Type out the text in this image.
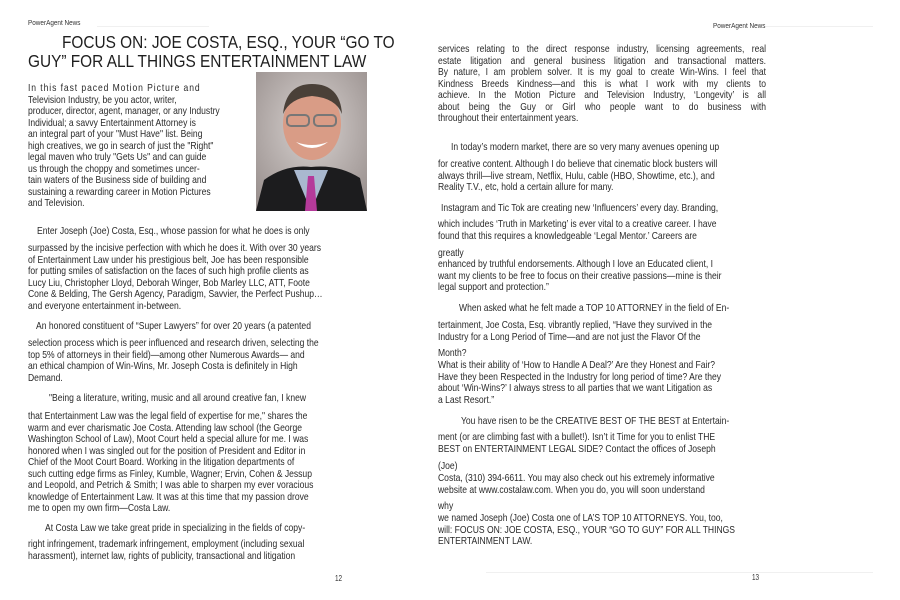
PowerAgent News
FOCUS ON: JOE COSTA, ESQ., YOUR “GO TO
GUY” FOR ALL THINGS ENTERTAINMENT LAW
In this fast paced Motion Picture and
Television Industry, be you actor, writer,
producer, director, agent, manager, or any Industry
Individual; a savvy Entertainment Attorney is
an integral part of your "Must Have" list. Being
high creatives, we go in search of just the "Right"
legal maven who truly "Gets Us" and can guide
us through the choppy and sometimes uncer-
tain waters of the Business side of building and
sustaining a rewarding career in Motion Pictures
and Television.
Enter Joseph (Joe) Costa, Esq., whose passion for what he does is only
surpassed by the incisive perfection with which he does it. With over 30 years
of Entertainment Law under his prestigious belt, Joe has been responsible
for putting smiles of satisfaction on the faces of such high profile clients as
Lucy Liu, Christopher Lloyd, Deborah Winger, Bob Marley LLC, ATT, Foote
Cone & Belding, The Gersh Agency, Paradigm, Savvier, the Perfect Pushup…
and everyone entertainment in-between.
An honored constituent of “Super Lawyers” for over 20 years (a patented
selection process which is peer influenced and research driven, selecting the
top 5% of attorneys in their field)—among other Numerous Awards— and
an ethical champion of Win-Wins, Mr. Joseph Costa is definitely in High
Demand.
"Being a literature, writing, music and all around creative fan, I knew
that Entertainment Law was the legal field of expertise for me," shares the
warm and ever charismatic Joe Costa. Attending law school (the George
Washington School of Law), Moot Court held a special allure for me. I was
honored when I was singled out for the position of President and Editor in
Chief of the Moot Court Board. Working in the litigation departments of
such cutting edge firms as Finley, Kumble, Wagner; Ervin, Cohen & Jessup
and Leopold, and Petrich & Smith; I was able to sharpen my ever voracious
knowledge of Entertainment Law. It was at this time that my passion drove
me to open my own firm—Costa Law.
At Costa Law we take great pride in specializing in the fields of copy-
right infringement, trademark infringement, employment (including sexual
harassment), internet law, rights of publicity, transactional and litigation
12
PowerAgent News
services relating to the direct response industry, licensing agreements, real
estate litigation and general business litigation and transactional matters.
By nature, I am problem solver. It is my goal to create Win-Wins. I feel that
Kindness Breeds Kindness—and this is what I work with my clients to
achieve. In the Motion Picture and Television Industry, ‘Longevity’ is all
about being the Guy or Girl who people want to do business with
throughout their entertainment years.
In today’s modern market, there are so very many avenues opening up
for creative content. Although I do believe that cinematic block busters will
always thrill—live stream, Netflix, Hulu, cable (HBO, Showtime, etc.), and
Reality T.V., etc, hold a certain allure for many.
Instagram and Tic Tok are creating new ‘Influencers’ every day. Branding,
which includes ‘Truth in Marketing’ is ever vital to a creative career. I have
found that this requires a knowledgeable ‘Legal Mentor.’ Careers are
greatly
enhanced by truthful endorsements. Although I love an Educated client, I
want my clients to be free to focus on their creative passions—mine is their
legal support and protection.”
When asked what he felt made a TOP 10 ATTORNEY in the field of En-
tertainment, Joe Costa, Esq. vibrantly replied, “Have they survived in the
Industry for a Long Period of Time—and are not just the Flavor Of the
Month?
What is their ability of ‘How to Handle A Deal?’ Are they Honest and Fair?
Have they been Respected in the Industry for long period of time? Are they
about ‘Win-Wins?’ I always stress to all parties that we want Litigation as
a Last Resort.”
You have risen to be the CREATIVE BEST OF THE BEST at Entertain-
ment (or are climbing fast with a bullet!). Isn’t it Time for you to enlist THE
BEST on ENTERTAINMENT LEGAL SIDE? Contact the offices of Joseph
(Joe)
Costa, (310) 394-6611. You may also check out his extremely informative
website at www.costalaw.com. When you do, you will soon understand
why
we named Joseph (Joe) Costa one of LA’S TOP 10 ATTORNEYS. You, too,
will: FOCUS ON: JOE COSTA, ESQ., YOUR “GO TO GUY” FOR ALL THINGS
ENTERTAINMENT LAW.
13
